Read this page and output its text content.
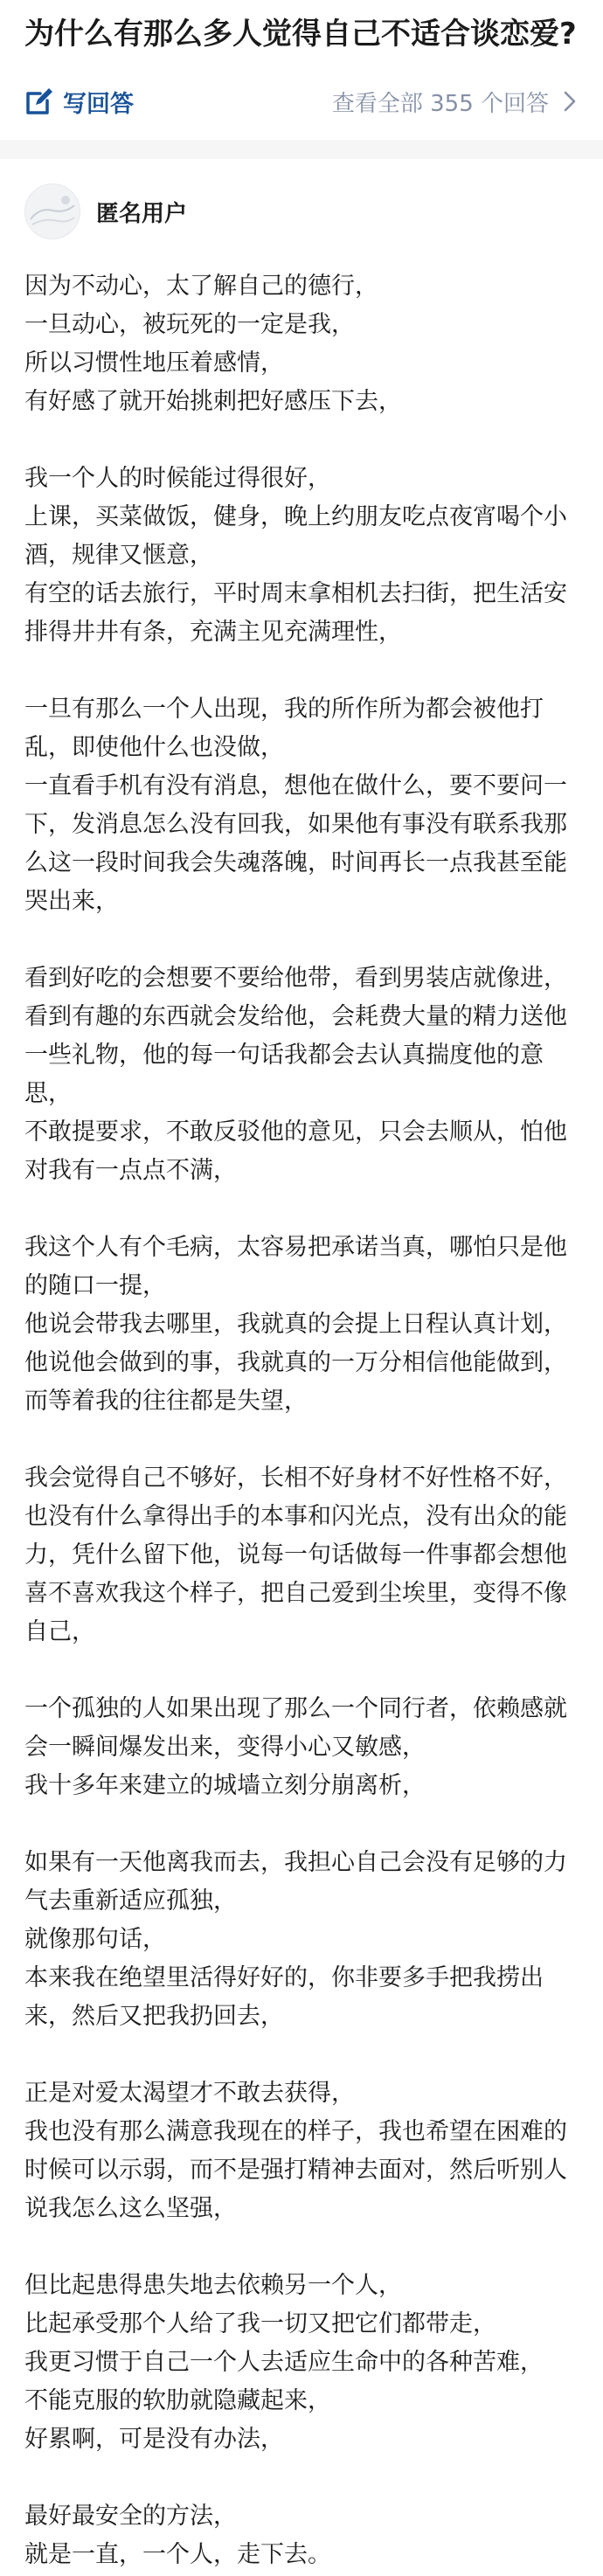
为什么有那么多人觉得自己不适合谈恋爱?
写回答	查看全部 355 个回答
匿名用户

因为不动心，太了解自己的德行，
一旦动心，被玩死的一定是我，
所以习惯性地压着感情，
有好感了就开始挑刺把好感压下去，

我一个人的时候能过得很好，
上课，买菜做饭，健身，晚上约朋友吃点夜宵喝个小
酒，规律又惬意，
有空的话去旅行，平时周末拿相机去扫街，把生活安
排得井井有条，充满主见充满理性，

一旦有那么一个人出现，我的所作所为都会被他打
乱，即使他什么也没做，
一直看手机有没有消息，想他在做什么，要不要问一
下，发消息怎么没有回我，如果他有事没有联系我那
么这一段时间我会失魂落魄，时间再长一点我甚至能
哭出来，

看到好吃的会想要不要给他带，看到男装店就像进，
看到有趣的东西就会发给他，会耗费大量的精力送他
一些礼物，他的每一句话我都会去认真揣度他的意
思，
不敢提要求，不敢反驳他的意见，只会去顺从，怕他
对我有一点点不满，

我这个人有个毛病，太容易把承诺当真，哪怕只是他
的随口一提，
他说会带我去哪里，我就真的会提上日程认真计划，
他说他会做到的事，我就真的一万分相信他能做到，
而等着我的往往都是失望，

我会觉得自己不够好，长相不好身材不好性格不好，
也没有什么拿得出手的本事和闪光点，没有出众的能
力，凭什么留下他，说每一句话做每一件事都会想他
喜不喜欢我这个样子，把自己爱到尘埃里，变得不像
自己，

一个孤独的人如果出现了那么一个同行者，依赖感就
会一瞬间爆发出来，变得小心又敏感，
我十多年来建立的城墙立刻分崩离析，

如果有一天他离我而去，我担心自己会没有足够的力
气去重新适应孤独，
就像那句话，
本来我在绝望里活得好好的，你非要多手把我捞出
来，然后又把我扔回去，

正是对爱太渴望才不敢去获得，
我也没有那么满意我现在的样子，我也希望在困难的
时候可以示弱，而不是强打精神去面对，然后听别人
说我怎么这么坚强，

但比起患得患失地去依赖另一个人，
比起承受那个人给了我一切又把它们都带走，
我更习惯于自己一个人去适应生命中的各种苦难，
不能克服的软肋就隐藏起来，
好累啊，可是没有办法，

最好最安全的方法，
就是一直，一个人，走下去。
